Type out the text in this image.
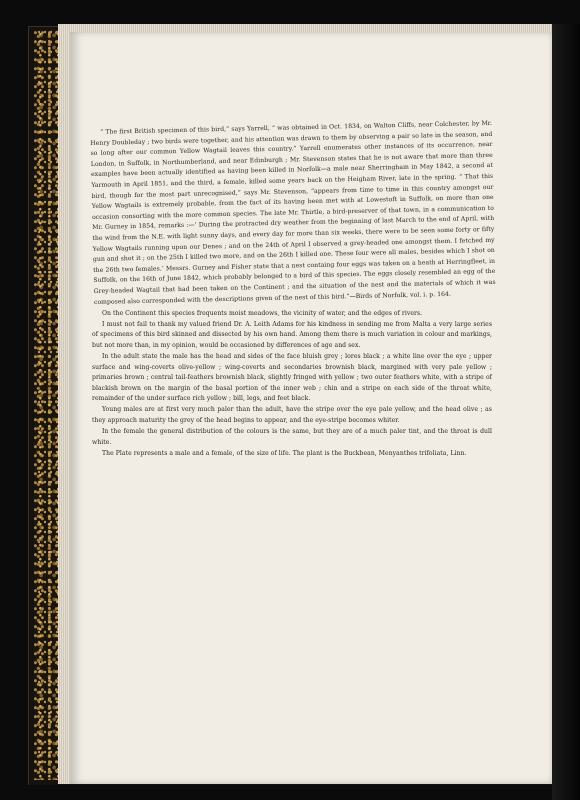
“ The first British specimen of this bird,” says Yarrell, “ was obtained in Oct. 1834, on Walton Cliffs, near Colchester, by Mr. Henry Doubleday ; two birds were together, and his attention was drawn to them by observing a pair so late in the season, and so long after our common Yellow Wagtail leaves this country.” Yarrell enumerates other instances of its occurrence, near London, in Suffolk, in Northumberland, and near Edinburgh ; Mr. Stevenson states that he is not aware that more than three examples have been actually identified as having been killed in Norfolk—a male near Sherringham in May 1842, a second at Yarmouth in April 1851, and the third, a female, killed some years back on the Heigham River, late in the spring. “ That this bird, though for the most part unrecognised,” says Mr. Stevenson, “appears from time to time in this country amongst our Yellow Wagtails is extremely probable, from the fact of its having been met with at Lowestoft in Suffolk, on more than one occasion consorting with the more common species. The late Mr. Thirtle, a bird-preserver of that town, in a communication to Mr. Gurney in 1854, remarks :—‘ During the protracted dry weather from the beginning of last March to the end of April, with the wind from the N.E. with light sunny days, and every day for more than six weeks, there were to be seen some forty or fifty Yellow Wagtails running upon our Denes ; and on the 24th of April I observed a grey-headed one amongst them. I fetched my gun and shot it ; on the 25th I killed two more, and on the 26th I killed one. These four were all males, besides which I shot on the 26th two females.’ Messrs. Gurney and Fisher state that a nest containg four eggs was taken on a heath at Herringfleet, in Suffolk, on the 16th of June 1842, which probably belonged to a bird of this species. The eggs closely resembled an egg of the Grey-headed Wagtail that had been taken on the Continent ; and the situation of the nest and the materials of which it was composed also corresponded with the descriptions given of the nest of this bird.”—Birds of Norfolk, vol. i. p. 164.

On the Continent this species frequents moist meadows, the vicinity of water, and the edges of rivers.

I must not fail to thank my valued friend Dr. A. Leith Adams for his kindness in sending me from Malta a very large series of specimens of this bird skinned and dissected by his own hand. Among them there is much variation in colour and markings, but not more than, in my opinion, would be occasioned by differences of age and sex.

In the adult state the male has the head and sides of the face bluish grey ; lores black ; a white line over the eye ; upper surface and wing-coverts olive-yellow ; wing-coverts and secondaries brownish black, margined with very pale yellow ; primaries brown ; central tail-feathers brownish black, slightly fringed with yellow ; two outer feathers white, with a stripe of blackish brown on the margin of the basal portion of the inner web ; chin and a stripe on each side of the throat white, remainder of the under surface rich yellow ; bill, legs, and feet black.

Young males are at first very much paler than the adult, have the stripe over the eye pale yellow, and the head olive ; as they approach maturity the grey of the head begins to appear, and the eye-stripe becomes whiter.

In the female the general distribution of the colours is the same, but they are of a much paler tint, and the throat is dull white.

The Plate represents a male and a female, of the size of life. The plant is the Buckbean, Menyanthes trifoliata, Linn.
